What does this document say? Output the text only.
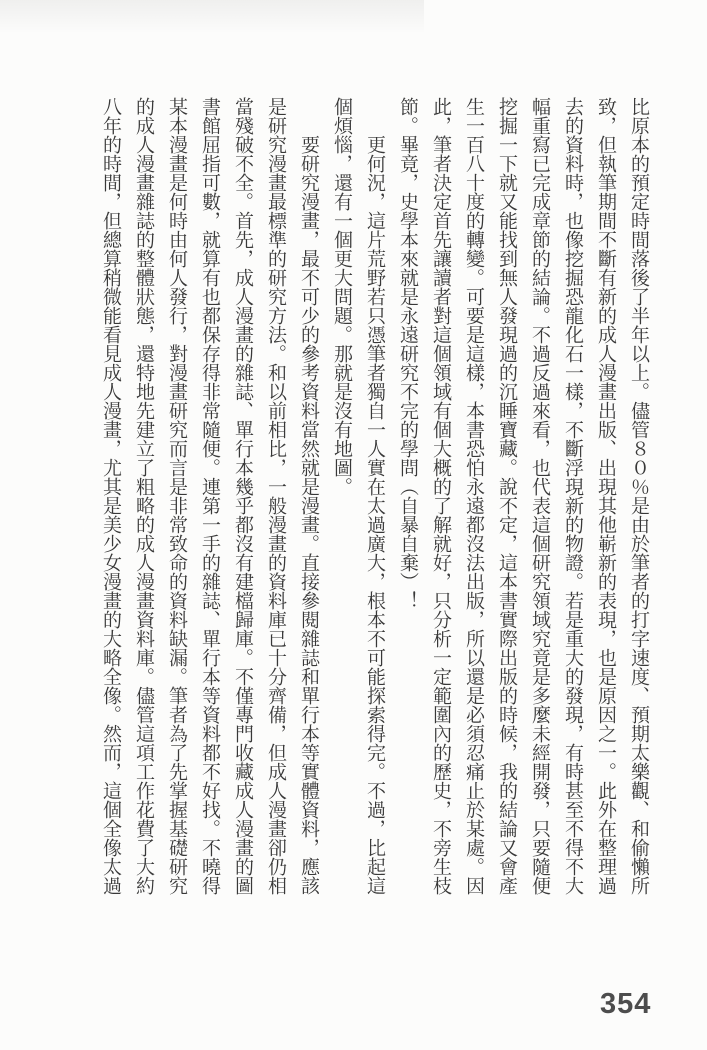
比原本的預定時間落後了半年以上。儘管８０％是由於筆者的打字速度、預期太樂觀、和偷懶所致，但執筆期間不斷有新的成人漫畫出版、出現其他嶄新的表現，也是原因之一。此外在整理過去的資料時，也像挖掘恐龍化石一樣，不斷浮現新的物證。若是重大的發現，有時甚至不得不大幅重寫已完成章節的結論。不過反過來看，也代表這個研究領域究竟是多麼未經開發，只要隨便挖掘一下就又能找到無人發現過的沉睡寶藏。說不定，這本書實際出版的時候，我的結論又會產生一百八十度的轉變。可要是這樣，本書恐怕永遠都沒法出版，所以還是必須忍痛止於某處。因此，筆者決定首先讓讀者對這個領域有個大概的了解就好，只分析一定範圍內的歷史，不旁生枝節。畢竟，史學本來就是永遠研究不完的學問（自暴自棄）！

更何況，這片荒野若只憑筆者獨自一人實在太過廣大，根本不可能探索得完。不過，比起這個煩惱，還有一個更大問題。那就是沒有地圖。

要研究漫畫，最不可少的參考資料當然就是漫畫。直接參閱雜誌和單行本等實體資料，應該是研究漫畫最標準的研究方法。和以前相比，一般漫畫的資料庫已十分齊備，但成人漫畫卻仍相當殘破不全。首先，成人漫畫的雜誌、單行本幾乎都沒有建檔歸庫。不僅專門收藏成人漫畫的圖書館屈指可數，就算有也都保存得非常隨便。連第一手的雜誌、單行本等資料都不好找。不曉得某本漫畫是何時由何人發行，對漫畫研究而言是非常致命的資料缺漏。筆者為了先掌握基礎研究的成人漫畫雜誌的整體狀態，還特地先建立了粗略的成人漫畫資料庫。儘管這項工作花費了大約八年的時間，但總算稍微能看見成人漫畫，尤其是美少女漫畫的大略全像。然而，這個全像太過

354
